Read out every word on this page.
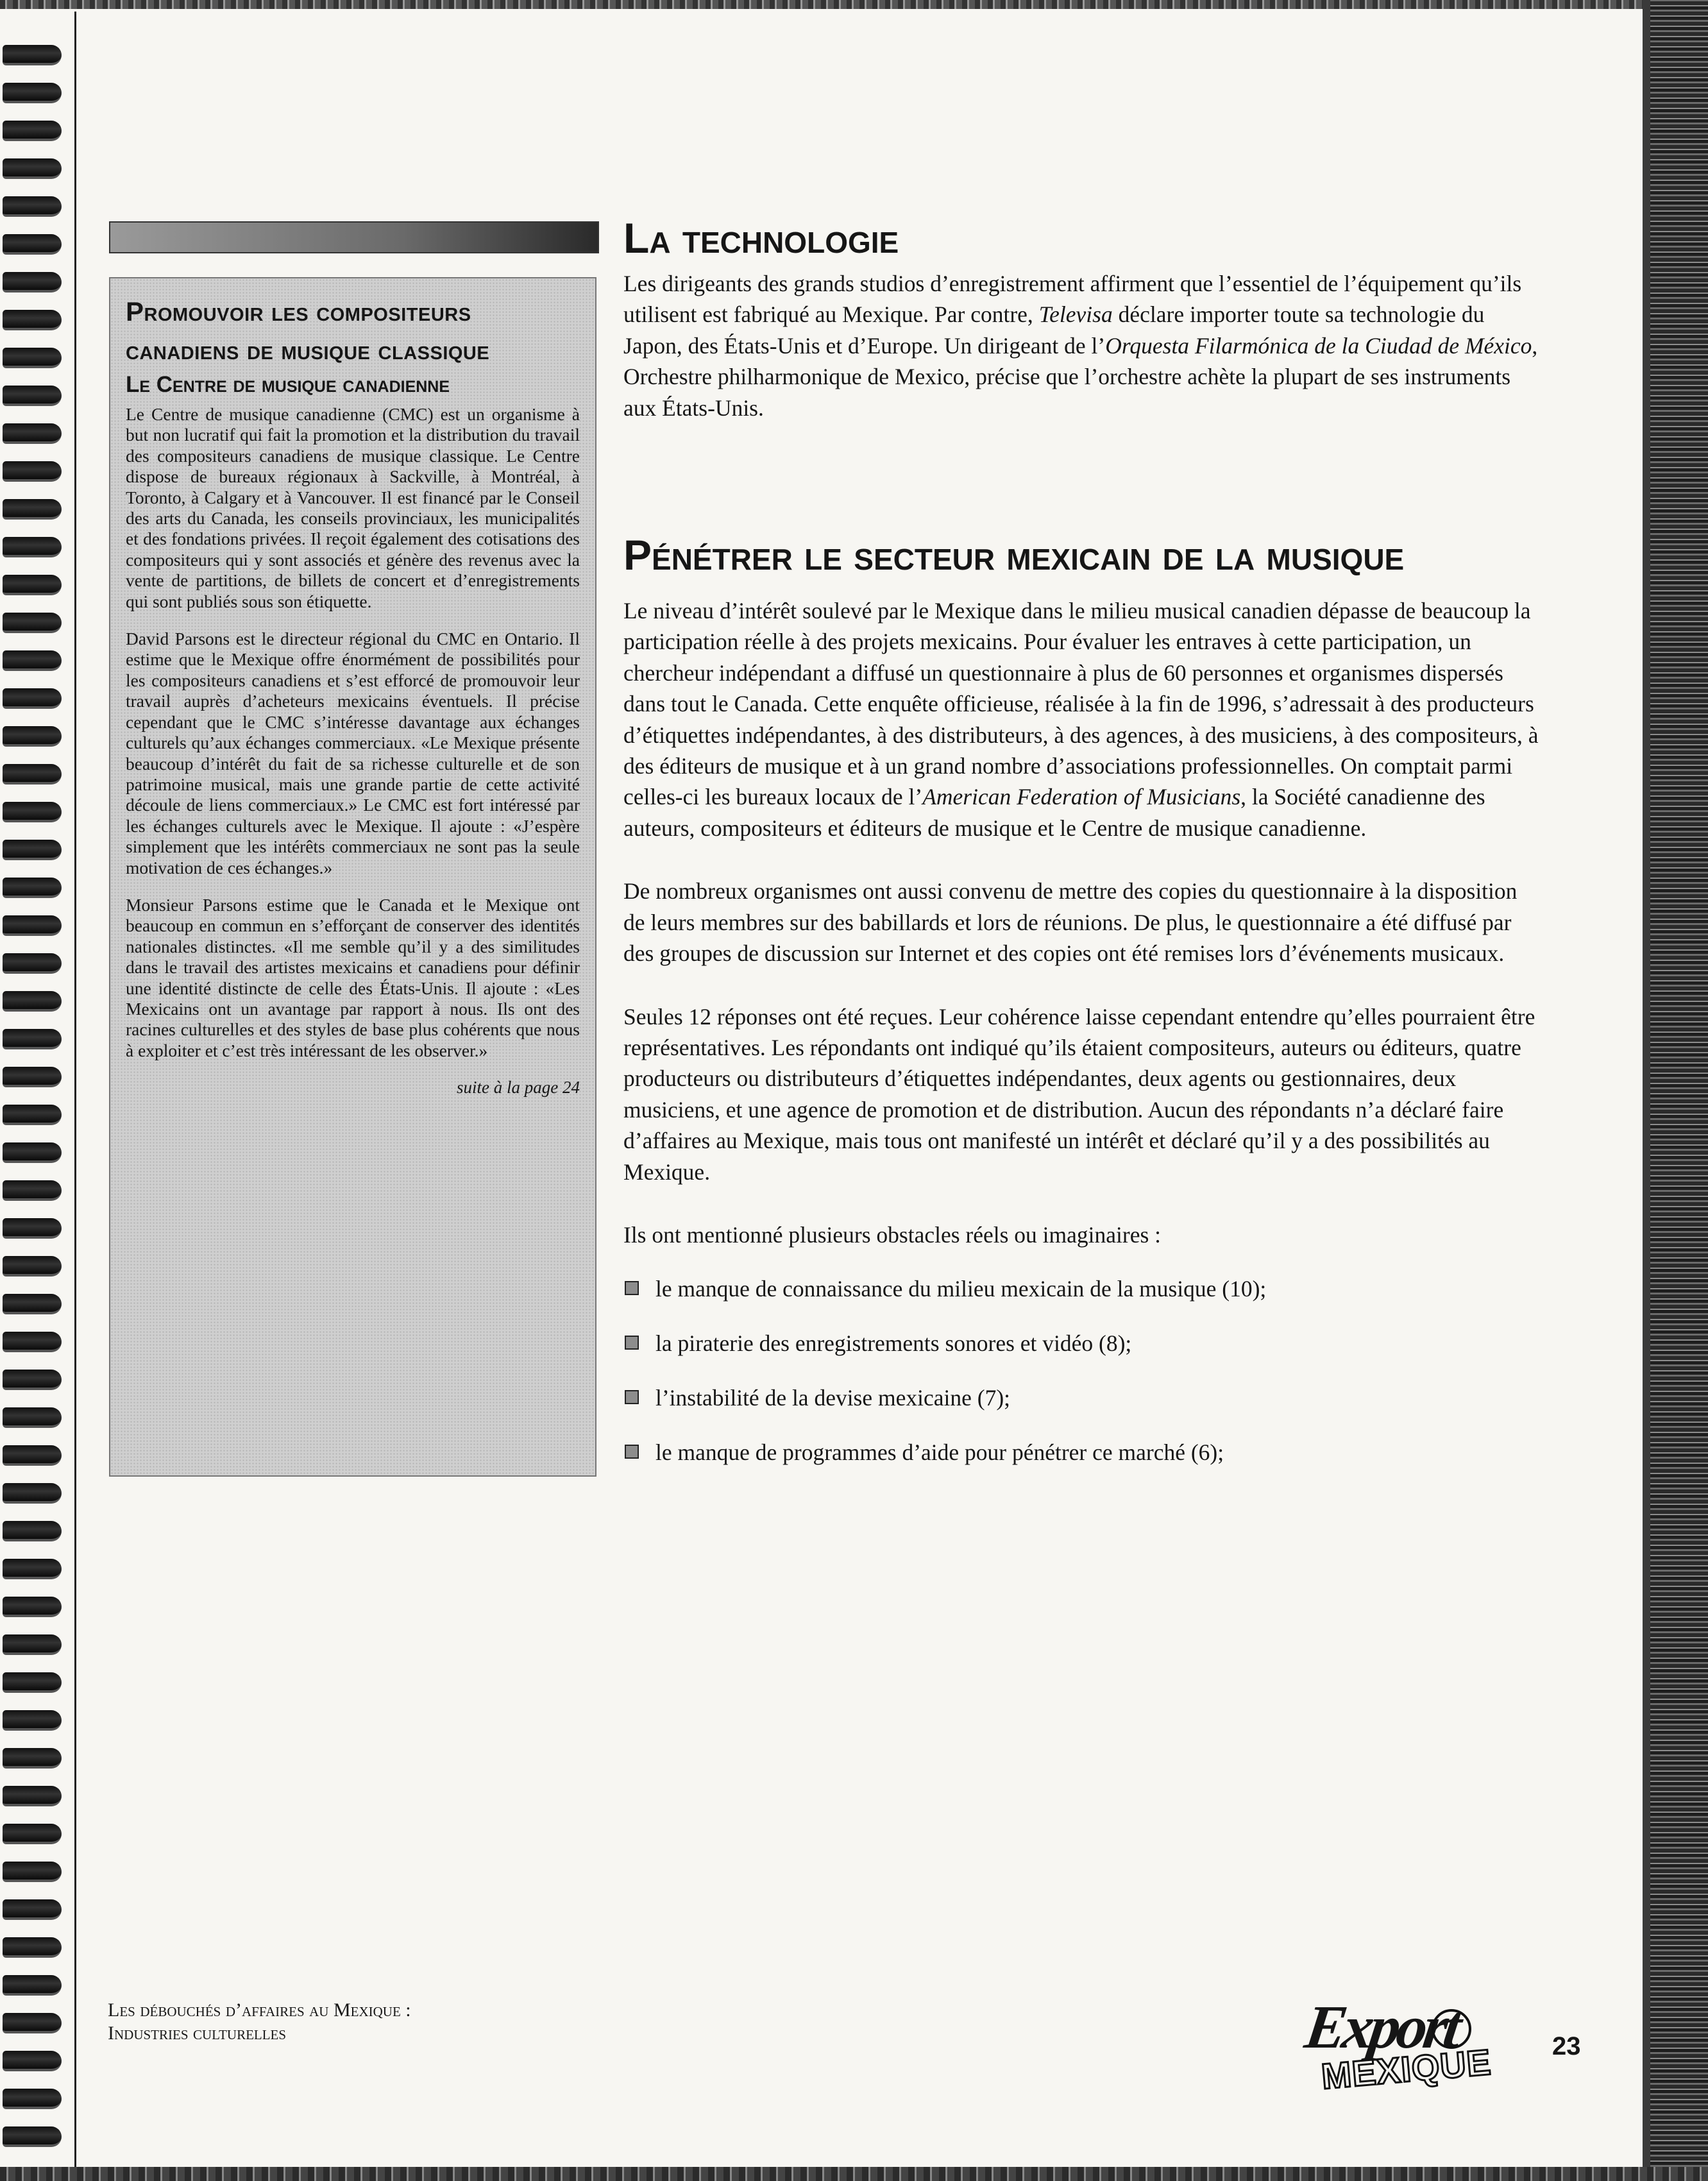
Promouvoir les compositeurs canadiens de musique classique
Le Centre de musique canadienne

Le Centre de musique canadienne (CMC) est un organisme à but non lucratif qui fait la promotion et la distribution du travail des compositeurs canadiens de musique classique. Le Centre dispose de bureaux régionaux à Sackville, à Montréal, à Toronto, à Calgary et à Vancouver. Il est financé par le Conseil des arts du Canada, les conseils provinciaux, les municipalités et des fondations privées. Il reçoit également des cotisations des compositeurs qui y sont associés et génère des revenus avec la vente de partitions, de billets de concert et d’enregistrements qui sont publiés sous son étiquette.

David Parsons est le directeur régional du CMC en Ontario. Il estime que le Mexique offre énormément de possibilités pour les compositeurs canadiens et s’est efforcé de promouvoir leur travail auprès d’acheteurs mexicains éventuels. Il précise cependant que le CMC s’intéresse davantage aux échanges culturels qu’aux échanges commerciaux. «Le Mexique présente beaucoup d’intérêt du fait de sa richesse culturelle et de son patrimoine musical, mais une grande partie de cette activité découle de liens commerciaux.» Le CMC est fort intéressé par les échanges culturels avec le Mexique. Il ajoute : «J’espère simplement que les intérêts commerciaux ne sont pas la seule motivation de ces échanges.»

Monsieur Parsons estime que le Canada et le Mexique ont beaucoup en commun en s’efforçant de conserver des identités nationales distinctes. «Il me semble qu’il y a des similitudes dans le travail des artistes mexicains et canadiens pour définir une identité distincte de celle des États-Unis. Il ajoute : «Les Mexicains ont un avantage par rapport à nous. Ils ont des racines culturelles et des styles de base plus cohérents que nous à exploiter et c’est très intéressant de les observer.»

suite à la page 24

La technologie

Les dirigeants des grands studios d’enregistrement affirment que l’essentiel de l’équipement qu’ils utilisent est fabriqué au Mexique. Par contre, Televisa déclare importer toute sa technologie du Japon, des États-Unis et d’Europe. Un dirigeant de l’Orquesta Filarmónica de la Ciudad de México, Orchestre philharmonique de Mexico, précise que l’orchestre achète la plupart de ses instruments aux États-Unis.

Pénétrer le secteur mexicain de la musique

Le niveau d’intérêt soulevé par le Mexique dans le milieu musical canadien dépasse de beaucoup la participation réelle à des projets mexicains. Pour évaluer les entraves à cette participation, un chercheur indépendant a diffusé un questionnaire à plus de 60 personnes et organismes dispersés dans tout le Canada. Cette enquête officieuse, réalisée à la fin de 1996, s’adressait à des producteurs d’étiquettes indépendantes, à des distributeurs, à des agences, à des musiciens, à des compositeurs, à des éditeurs de musique et à un grand nombre d’associations professionnelles. On comptait parmi celles-ci les bureaux locaux de l’American Federation of Musicians, la Société canadienne des auteurs, compositeurs et éditeurs de musique et le Centre de musique canadienne.

De nombreux organismes ont aussi convenu de mettre des copies du questionnaire à la disposition de leurs membres sur des babillards et lors de réunions. De plus, le questionnaire a été diffusé par des groupes de discussion sur Internet et des copies ont été remises lors d’événements musicaux.

Seules 12 réponses ont été reçues. Leur cohérence laisse cependant entendre qu’elles pourraient être représentatives. Les répondants ont indiqué qu’ils étaient compositeurs, auteurs ou éditeurs, quatre producteurs ou distributeurs d’étiquettes indépendantes, deux agents ou gestionnaires, deux musiciens, et une agence de promotion et de distribution. Aucun des répondants n’a déclaré faire d’affaires au Mexique, mais tous ont manifesté un intérêt et déclaré qu’il y a des possibilités au Mexique.

Ils ont mentionné plusieurs obstacles réels ou imaginaires :

le manque de connaissance du milieu mexicain de la musique (10);
la piraterie des enregistrements sonores et vidéo (8);
l’instabilité de la devise mexicaine (7);
le manque de programmes d’aide pour pénétrer ce marché (6);
Les débouchés d’affaires au Mexique :
Industries culturelles	Export
MEXIQUE 23
